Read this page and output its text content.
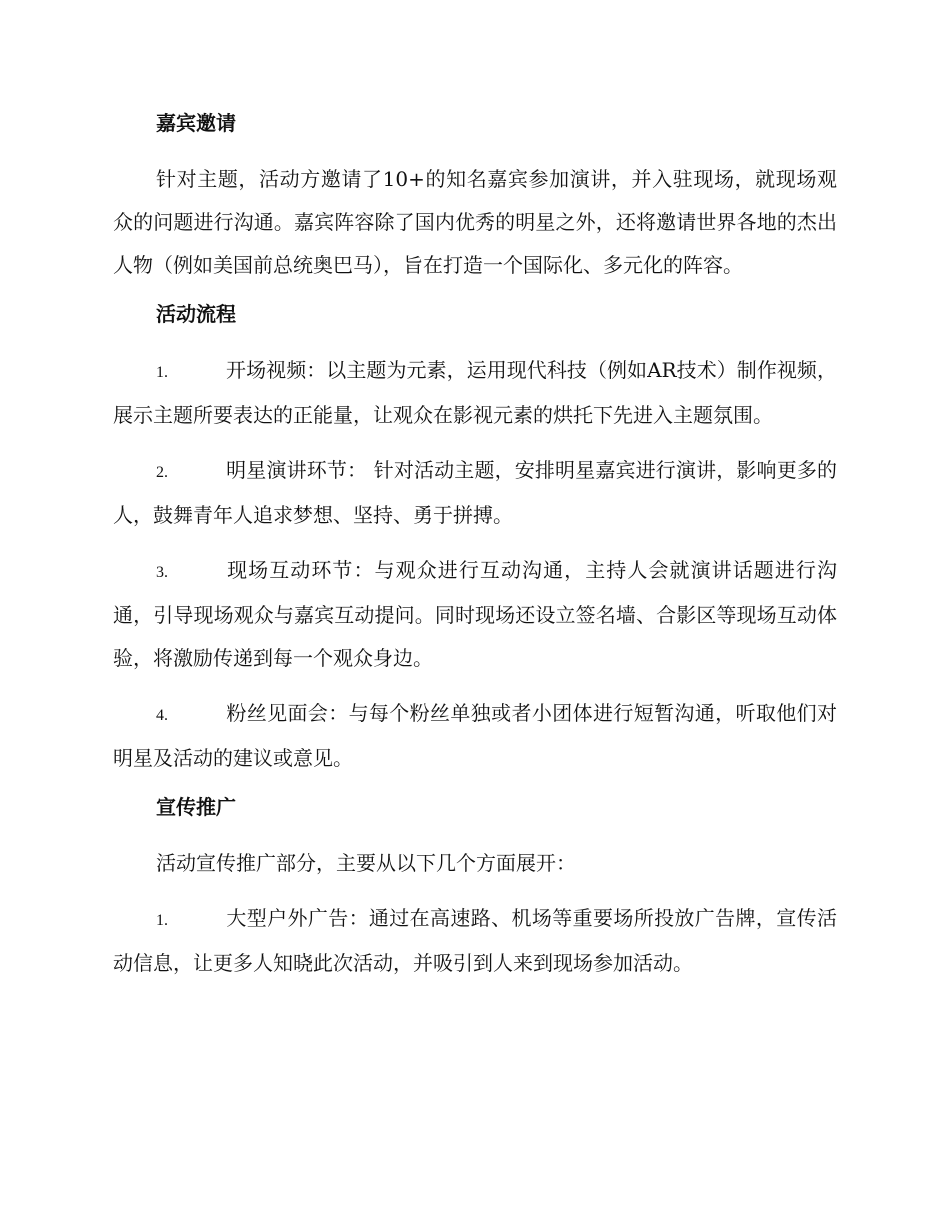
嘉宾邀请

针对主题，活动方邀请了10+的知名嘉宾参加演讲，并入驻现场，就现场观众的问题进行沟通。嘉宾阵容除了国内优秀的明星之外，还将邀请世界各地的杰出人物（例如美国前总统奥巴马），旨在打造一个国际化、多元化的阵容。

活动流程
1.	开场视频：以主题为元素，运用现代科技（例如AR技术）制作视频，展示主题所要表达的正能量，让观众在影视元素的烘托下先进入主题氛围。
2.	明星演讲环节： 针对活动主题，安排明星嘉宾进行演讲，影响更多的人，鼓舞青年人追求梦想、坚持、勇于拼搏。
3.	现场互动环节：与观众进行互动沟通，主持人会就演讲话题进行沟通，引导现场观众与嘉宾互动提问。同时现场还设立签名墙、合影区等现场互动体验，将激励传递到每一个观众身边。
4.	粉丝见面会：与每个粉丝单独或者小团体进行短暂沟通，听取他们对明星及活动的建议或意见。
宣传推广

活动宣传推广部分，主要从以下几个方面展开：

1.	大型户外广告：通过在高速路、机场等重要场所投放广告牌，宣传活动信息，让更多人知晓此次活动，并吸引到人来到现场参加活动。
